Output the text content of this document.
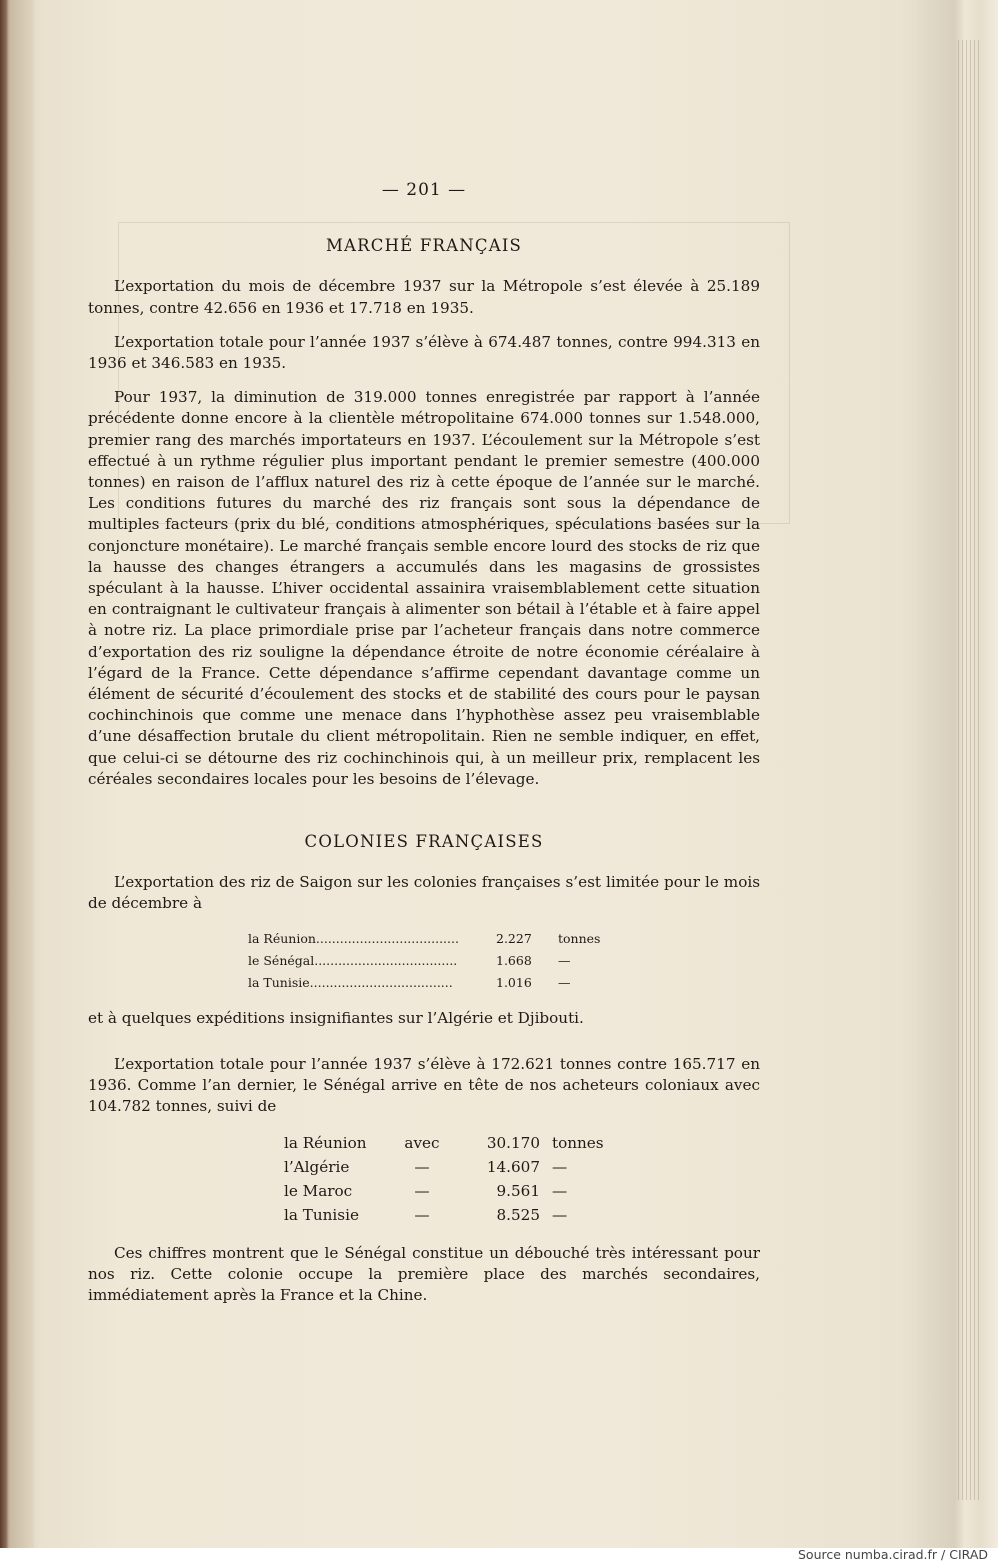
— 201 —
MARCHÉ FRANÇAIS

L’exportation du mois de décembre 1937 sur la Métropole s’est élevée à 25.189 tonnes, contre 42.656 en 1936 et 17.718 en 1935.

L’exportation totale pour l’année 1937 s’élève à 674.487 tonnes, contre 994.313 en 1936 et 346.583 en 1935.

Pour 1937, la diminution de 319.000 tonnes enregistrée par rapport à l’année précédente donne encore à la clientèle métropolitaine 674.000 tonnes sur 1.548.000, premier rang des marchés importateurs en 1937. L’écoulement sur la Métropole s’est effectué à un rythme régulier plus important pendant le premier semestre (400.000 tonnes) en raison de l’afflux naturel des riz à cette époque de l’année sur le marché. Les conditions futures du marché des riz français sont sous la dépendance de multiples facteurs (prix du blé, conditions atmosphériques, spéculations basées sur la conjoncture monétaire). Le marché français semble encore lourd des stocks de riz que la hausse des changes étrangers a accumulés dans les magasins de grossistes spéculant à la hausse. L’hiver occidental assainira vraisemblablement cette situation en contraignant le cultivateur français à alimenter son bétail à l’étable et à faire appel à notre riz. La place primordiale prise par l’acheteur français dans notre commerce d’exportation des riz souligne la dépendance étroite de notre économie céréalaire à l’égard de la France. Cette dépendance s’affirme cependant davantage comme un élément de sécurité d’écoulement des stocks et de stabilité des cours pour le paysan cochinchinois que comme une menace dans l’hyphothèse assez peu vraisemblable d’une désaffection brutale du client métropolitain. Rien ne semble indiquer, en effet, que celui-ci se détourne des riz cochinchinois qui, à un meilleur prix, remplacent les céréales secondaires locales pour les besoins de l’élevage.

COLONIES FRANÇAISES

L’exportation des riz de Saigon sur les colonies françaises s’est limitée pour le mois de décembre à

la Réunion....................................	2.227	tonnes
le Sénégal....................................	1.668	—
la Tunisie....................................	1.016	—

et à quelques expéditions insignifiantes sur l’Algérie et Djibouti.

L’exportation totale pour l’année 1937 s’élève à 172.621 tonnes contre 165.717 en 1936. Comme l’an dernier, le Sénégal arrive en tête de nos acheteurs coloniaux avec 104.782 tonnes, suivi de

la Réunion	avec	30.170	tonnes
l’Algérie	—	14.607	—
le Maroc	—	9.561	—
la Tunisie	—	8.525	—

Ces chiffres montrent que le Sénégal constitue un débouché très intéressant pour nos riz. Cette colonie occupe la première place des marchés secondaires, immédiatement après la France et la Chine.

Source numba.cirad.fr / CIRAD
